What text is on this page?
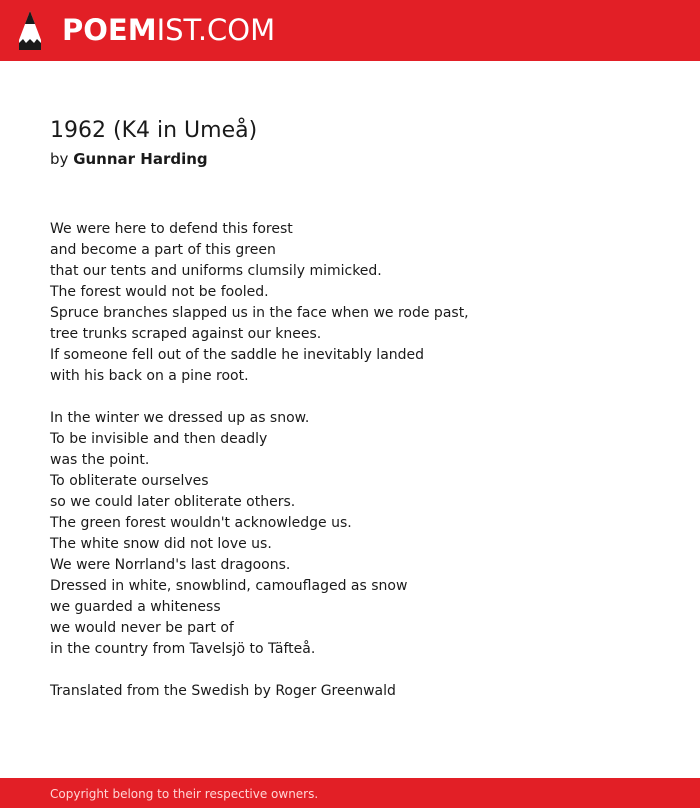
POEMIST.COM
1962 (K4 in Umeå)
by Gunnar Harding
We were here to defend this forest
and become a part of this green
that our tents and uniforms clumsily mimicked.
The forest would not be fooled.
Spruce branches slapped us in the face when we rode past,
tree trunks scraped against our knees.
If someone fell out of the saddle he inevitably landed
with his back on a pine root.
In the winter we dressed up as snow.
To be invisible and then deadly
was the point.
To obliterate ourselves
so we could later obliterate others.
The green forest wouldn't acknowledge us.
The white snow did not love us.
We were Norrland's last dragoons.
Dressed in white, snowblind, camouflaged as snow
we guarded a whiteness
we would never be part of
in the country from Tavelsjö to Täfteå.
Translated from the Swedish by Roger Greenwald
Copyright belong to their respective owners.
